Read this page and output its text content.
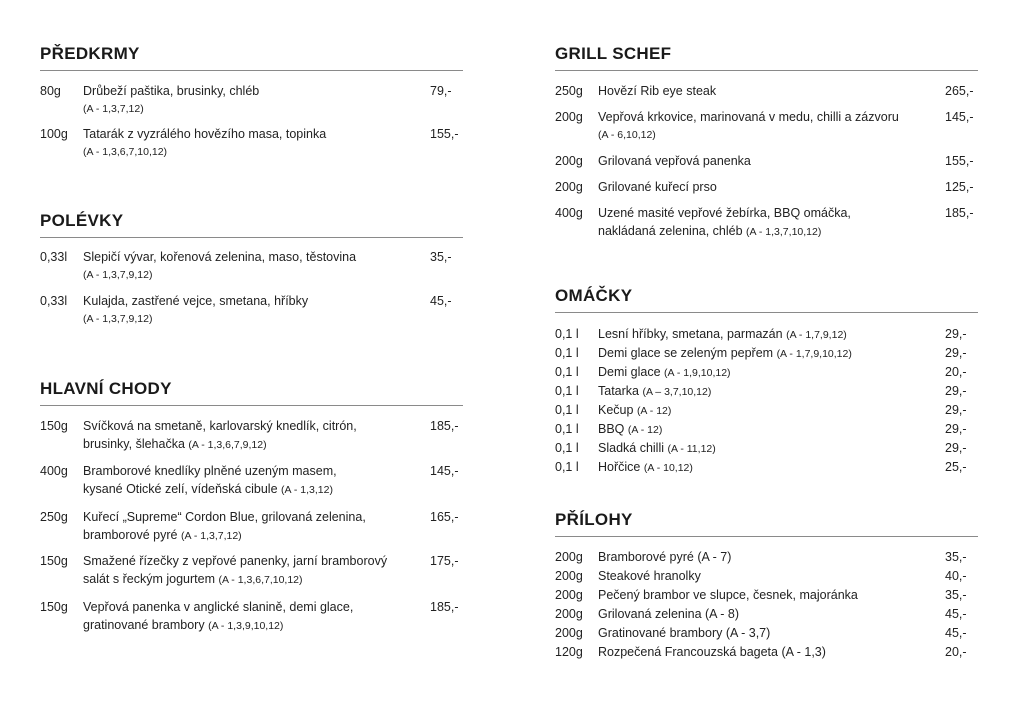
PŘEDKRMY
80g Drůbeží paštika, brusinky, chléb
(A - 1,3,7,12)
79,-
100g Tatarák z vyzrálého hovězího masa, topinka
(A - 1,3,6,7,10,12)
155,-
POLÉVKY
0,33l Slepičí vývar, kořenová zelenina, maso, těstovina
(A - 1,3,7,9,12)
35,-
0,33l Kulajda, zastřené vejce, smetana, hříbky
(A - 1,3,7,9,12)
45,-
HLAVNÍ CHODY
150g Svíčková na smetaně, karlovarský knedlík, citrón,
brusinky, šlehačka (A - 1,3,6,7,9,12)
185,-
400g Bramborové knedlíky plněné uzeným masem,
kysané Otické zelí, vídeňská cibule (A - 1,3,12)
145,-
250g Kuřecí „Supreme“ Cordon Blue, grilovaná zelenina,
bramborové pyré (A - 1,3,7,12)
165,-
150g Smažené řízečky z vepřové panenky, jarní bramborový
salát s řeckým jogurtem (A - 1,3,6,7,10,12)
175,-
150g Vepřová panenka v anglické slanině, demi glace,
gratinované brambory (A - 1,3,9,10,12)
185,-
GRILL SCHEF
250g Hovězí Rib eye steak	265,-
200g Vepřová krkovice, marinovaná v medu, chilli a zázvoru
(A - 6,10,12)
145,-
200g Grilovaná vepřová panenka	155,-
200g Grilované kuřecí prso	125,-
400g Uzené masité vepřové žebírka, BBQ omáčka,
nakládaná zelenina, chléb (A - 1,3,7,10,12)
185,-
OMÁČKY
0,1 l Lesní hříbky, smetana, parmazán (A - 1,7,9,12)	29,-
0,1 l Demi glace se zeleným pepřem (A - 1,7,9,10,12)	29,-
0,1 l Demi glace (A - 1,9,10,12)	20,-
0,1 l Tatarka (A – 3,7,10,12)	29,-
0,1 l Kečup (A - 12)	29,-
0,1 l BBQ (A - 12)	29,-
0,1 l Sladká chilli (A - 11,12)	29,-
0,1 l Hořčice (A - 10,12)	25,-
PŘÍLOHY
200g Bramborové pyré (A - 7)	35,-
200g Steakové hranolky	40,-
200g Pečený brambor ve slupce, česnek, majoránka	35,-
200g Grilovaná zelenina (A - 8)	45,-
200g Gratinované brambory (A - 3,7)	45,-
120g Rozpečená Francouzská bageta (A - 1,3)	20,-
